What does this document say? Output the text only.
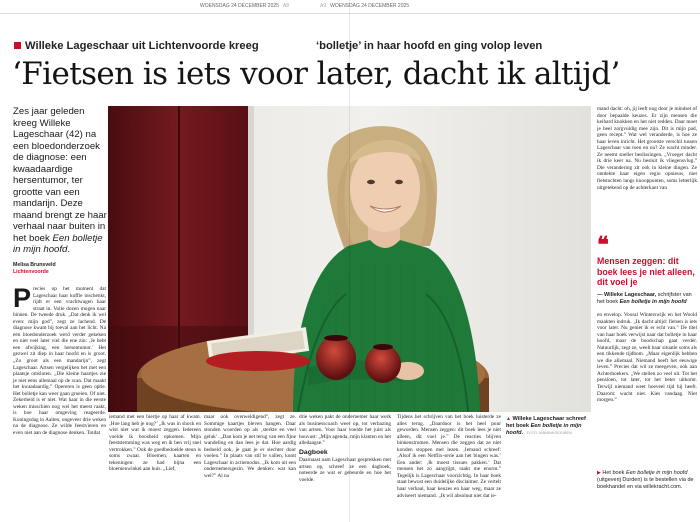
WOENSDAG 24 DECEMBER 2025 A8	A9 WOENSDAG 24 DECEMBER 2025
Willeke Lageschaar uit Lichtenvoorde kreeg	‘bolletje’ in haar hoofd en ging volop leven
‘Fietsen is iets voor later, dacht ik altijd’
Zes jaar geleden kreeg Willeke Lageschaar (42) na een bloedonderzoek de diagnose: een kwaadaardige hersentumor, ter grootte van een mandarijn. Deze maand brengt ze haar verhaal naar buiten in het boek Een bolletje in mijn hoofd.
Melisa Brunsveld
Lichtenvoorde
Precies op het moment dat Lageschaar haar koffie inschenkt, rijdt er een vrachtwagen haar straat in. Volle dozen mogen naar binnen. De tweede druk. „Dat denk ik wel even: mijn god”, zegt ze lachend. De diagnose kwam bij toeval aan het licht. Na een bloedonderzoek werd verder gekeken en niet veel later viel die ene zin: ‚Je hebt een afwijking, een hersentumor.’ Het gezwel zit diep in haar hoofd en is groot. „Zo groot als een mandarijn”, zegt Lageschaar. Artsen vergelijken het met een plaatsje omsloten. „Die kleine haartjes zie je niet eens allemaal op de scan. Dat maakt het kwaadaardig.” Opereren is geen optie. Het bolletje kan weer gaan groeien. Of niet. Zekerheid is er niet. Wat haar in die eerste weken misschien nog wel het meest raakt, is hoe haar omgeving reageerde. Koningsdag in Aalten, ongeveer drie weken na de diagnose. Ze wilde feestvieren en even niet aan de diagnose denken. Totdat
iemand met een biertje op haar af kwam. ‚Hoe lang heb je nog?’ „Ik was in shock en wist niet wat ik moest zeggen. Iedereen voelde ik boosheid opkomen. Mijn feeststemming was weg en ik ben vrij snel vertrokken.” Ook de goedbedoelde steun is soms zwaar. Bloemen, kaarten en tekeningen: ze had bijna een bloemenwinkel aan huis. „Lief,
maar ook overweldigend”, zegt ze. Sommige kaartjes bleven hangen. Daar stonden woorden op als ‚sterkte en veel geluk’. „Dan kom je net terug van een fijne wandeling en dan lees je dat. Hoe aardig bedoeld ook, je gaat je er slechter door voelen.” In plaats van stil te vallen, komt Lageschaar in actiemodus. „Ik kom uit een ondernemersgezin. We denken: wat kan wel?” Al na
drie weken pakt de ondernemer haar werk als businesscoach weer op, tot verbazing van artsen. Voor haar voelde het juist als houvast: „Mijn agenda, mijn klanten en het alledaagse.”
Dagboek
Daarnaast nam Lageschaar gesprekken met artsen op, schreef ze een dagboek, noteerde ze wat er gebeurde en hoe het voelde.
Tijdens het schrijven van het boek luisterde ze alles terug. „Daardoor is het heel puur geworden. Mensen zeggen: dit boek lees je niet alleen, dit voel je.” De reacties blijven binnenstromen. Mensen die zeggen dat ze niet konden stoppen met lezen. ‚Iemand schreef: ‚Alsof ik een Netflix-serie aan het bingen was.’ Een ander: ‚Ik moest tissues pakken.’ Dat mensen het zo aangrijpt, raakt me enorm.” Tegelijk is Lageschaar voorzichtig. In haar boek staat bewust een duidelijke disclaimer. Ze vertelt haar verhaal, haar keuzes en haar weg, maar ze adviseert niemand. „Ik wil absoluut niet dat ie-
mand dacht: oh, jij leeft nog door je mindset of door bepaalde keuzes. Er zijn mensen die keihard knokken en het niet redden. Daar moet je heel zorgvuldig mee zijn. Dit is mijn pad, geen recept.” Wat wel veranderde, is hoe ze haar leven inricht. Het grootste verschil tussen Lageschaar van toen en nu? Ze wacht minder. Ze neemt sneller beslissingen. „Vroeger dacht ik drie keer na. Nu besluit ik vliegensvlug.” Die verandering zit ook in kleine dingen. Ze ontdekte haar eigen regio opnieuw, met fietstochten langs knooppunten, soms letterlijk uitgetekend op de achterkant van
en envelop. Vooral Winterswijk en het Woold maakten indruk. „Ik dacht altijd: fietsen is iets voor later. Nu geniet ik er echt van.” De titel van haar boek verwijst naar dat bolletje in haar hoofd, maar de boodschap gaat verder. Natuurlijk, zegt ze, weelt haar situatie soms als een tikkende tijdbom. „Maar eigenlijk hebben we die allemaal. Niemand heeft het eeuwige leven.” Precies dat wil ze meegeven, ook aan Achterhoekers. „We stellen zo veel uit. Tot het pensioen, tot later, tot het beter uitkomt. Terwijl niemand weet hoeveel tijd hij heeft. Daarom: wacht niet. Kies vandaag. Niet morgen.”
▲ Willeke Lageschaar schreef het boek Een bolletje in mijn hoofd. FOTO JANNINK/DOUBEN
❝
Mensen zeggen: dit boek lees je niet alleen, dit voel je
— Willeke Lageschaar, schrijfster van het boek Een bolletje in mijn hoofd
▶ Het boek Een bolletje in mijn hoofd (uitgeverij Durden) is te bestellen via de boekhandel en via willekracht.com.
